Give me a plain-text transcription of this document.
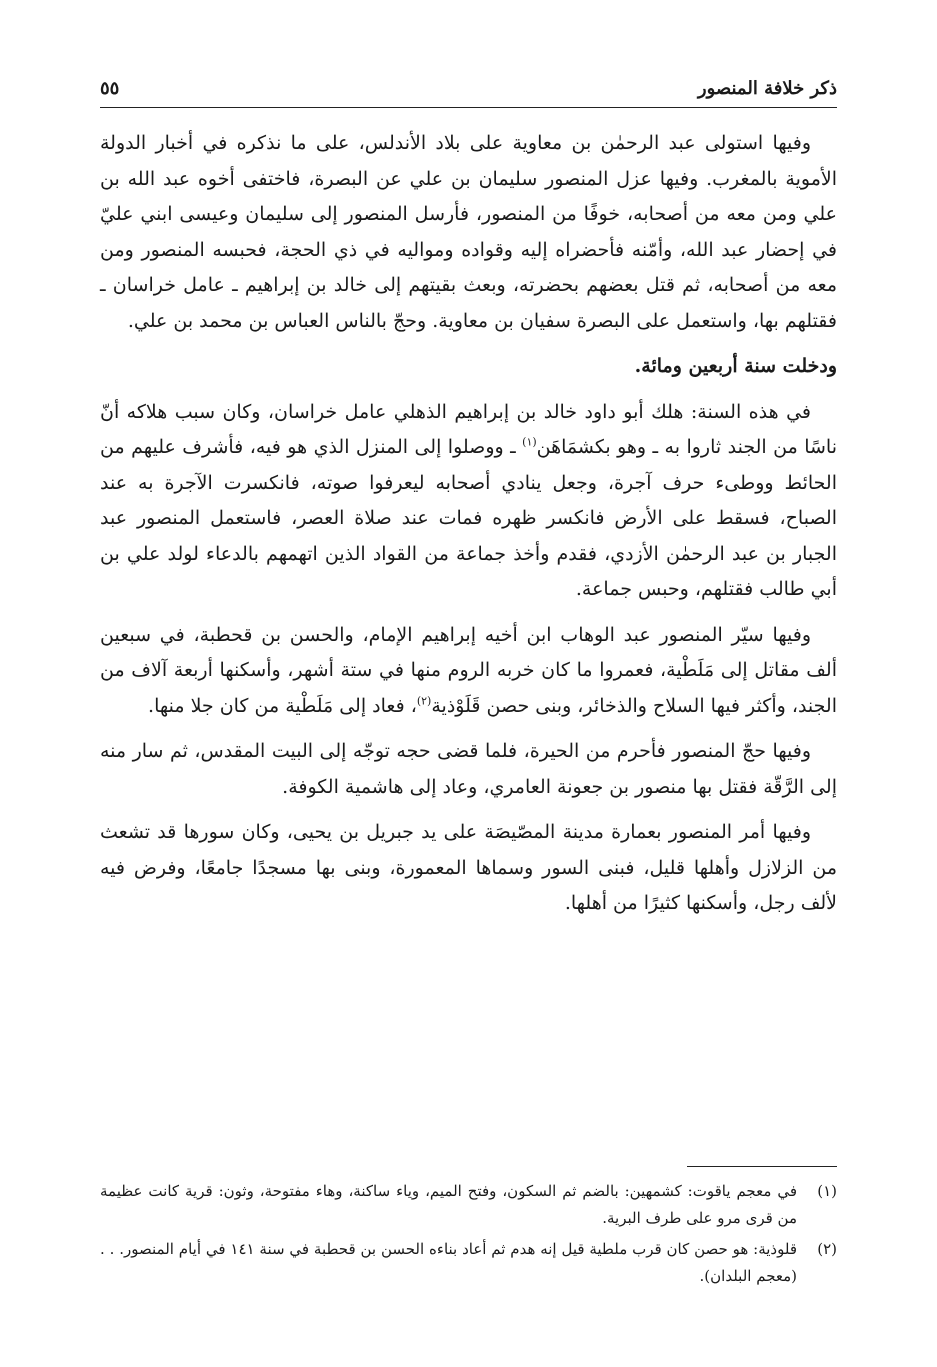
ذكر خلافة المنصور
٥٥

وفيها استولى عبد الرحمٰن بن معاوية على بلاد الأندلس، على ما نذكره في أخبار الدولة الأموية بالمغرب. وفيها عزل المنصور سليمان بن علي عن البصرة، فاختفى أخوه عبد الله بن علي ومن معه من أصحابه، خوفًا من المنصور، فأرسل المنصور إلى سليمان وعيسى ابني عليّ في إحضار عبد الله، وأمّنه فأحضراه إليه وقواده ومواليه في ذي الحجة، فحبسه المنصور ومن معه من أصحابه، ثم قتل بعضهم بحضرته، وبعث بقيتهم إلى خالد بن إبراهيم ـ عامل خراسان ـ فقتلهم بها، واستعمل على البصرة سفيان بن معاوية. وحجّ بالناس العباس بن محمد بن علي.

ودخلت سنة أربعين ومائة.

في هذه السنة: هلك أبو داود خالد بن إبراهيم الذهلي عامل خراسان، وكان سبب هلاكه أنّ ناسًا من الجند ثاروا به ـ وهو بكشمَاهَن$^{(١)}$ ـ ووصلوا إلى المنزل الذي هو فيه، فأشرف عليهم من الحائط ووطىء حرف آجرة، وجعل ينادي أصحابه ليعرفوا صوته، فانكسرت الآجرة به عند الصباح، فسقط على الأرض فانكسر ظهره فمات عند صلاة العصر، فاستعمل المنصور عبد الجبار بن عبد الرحمٰن الأزدي، فقدم وأخذ جماعة من القواد الذين اتهمهم بالدعاء لولد علي بن أبي طالب فقتلهم، وحبس جماعة.

وفيها سيّر المنصور عبد الوهاب ابن أخيه إبراهيم الإمام، والحسن بن قحطبة، في سبعين ألف مقاتل إلى مَلَطْية، فعمروا ما كان خربه الروم منها في ستة أشهر، وأسكنها أربعة آلاف من الجند، وأكثر فيها السلاح والذخائر، وبنى حصن قَلَوْذية$^{(٢)}$، فعاد إلى مَلَطْية من كان جلا منها.

وفيها حجّ المنصور فأحرم من الحيرة، فلما قضى حجه توجّه إلى البيت المقدس، ثم سار منه إلى الرَّقّة فقتل بها منصور بن جعونة العامري، وعاد إلى هاشمية الكوفة.

وفيها أمر المنصور بعمارة مدينة المصّيصَة على يد جبريل بن يحيى، وكان سورها قد تشعث من الزلازل وأهلها قليل، فبنى السور وسماها المعمورة، وبنى بها مسجدًا جامعًا، وفرض فيه لألف رجل، وأسكنها كثيرًا من أهلها.

(١)
في معجم ياقوت: كشمهين: بالضم ثم السكون، وفتح الميم، وياء ساكنة، وهاء مفتوحة، وثون: قرية كانت عظيمة من قرى مرو على طرف البرية.
(٢)
قلوذية: هو حصن كان قرب ملطية قيل إنه هدم ثم أعاد بناءه الحسن بن قحطبة في سنة ١٤١ في أيام المنصور. . . (معجم البلدان).
